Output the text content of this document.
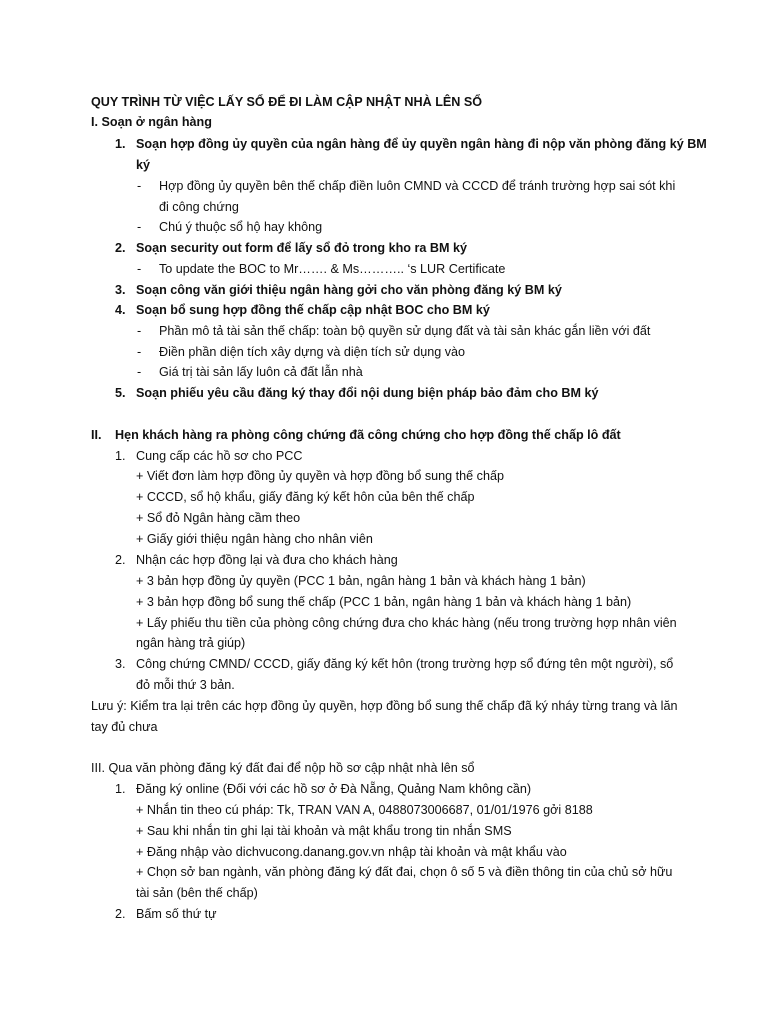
QUY TRÌNH TỪ VIỆC LẤY SỔ ĐỂ ĐI LÀM CẬP NHẬT NHÀ LÊN SỔ
I. Soạn ở ngân hàng
1. Soạn hợp đồng ủy quyền của ngân hàng để ủy quyền ngân hàng đi nộp văn phòng đăng ký BM
ký
- Hợp đồng ủy quyền bên thế chấp điền luôn CMND và CCCD để tránh trường hợp sai sót khi
đi công chứng
- Chú ý thuộc sổ hộ hay không
2. Soạn security out form để lấy sổ đỏ trong kho ra BM ký
- To update the BOC to Mr……. & Ms……….. ‘s LUR Certificate
3. Soạn công văn giới thiệu ngân hàng gởi cho văn phòng đăng ký BM ký
4. Soạn bổ sung hợp đồng thế chấp cập nhật BOC cho BM ký
- Phần mô tả tài sản thế chấp: toàn bộ quyền sử dụng đất và tài sản khác gắn liền với đất
- Điền phần diện tích xây dựng và diện tích sử dụng vào
- Giá trị tài sản lấy luôn cả đất lẫn nhà
5. Soạn phiếu yêu cầu đăng ký thay đổi nội dung biện pháp bảo đảm cho BM ký
II. Hẹn khách hàng ra phòng công chứng đã công chứng cho hợp đồng thế chấp lô đất
1. Cung cấp các hồ sơ cho PCC
+ Viết đơn làm hợp đồng ủy quyền và hợp đồng bổ sung thế chấp
+ CCCD, sổ hộ khẩu, giấy đăng ký kết hôn của bên thế chấp
+ Sổ đỏ Ngân hàng cầm theo
+ Giấy giới thiệu ngân hàng cho nhân viên
2. Nhận các hợp đồng lại và đưa cho khách hàng
+ 3 bản hợp đồng ủy quyền (PCC 1 bản, ngân hàng 1 bản và khách hàng 1 bản)
+ 3 bản hợp đồng bổ sung thế chấp (PCC 1 bản, ngân hàng 1 bản và khách hàng 1 bản)
+ Lấy phiếu thu tiền của phòng công chứng đưa cho khác hàng (nếu trong trường hợp nhân viên
ngân hàng trả giúp)
3. Công chứng CMND/ CCCD, giấy đăng ký kết hôn (trong trường hợp sổ đứng tên một người), sổ
đỏ mỗi thứ 3 bản.
Lưu ý: Kiểm tra lại trên các hợp đồng ủy quyền, hợp đồng bổ sung thế chấp đã ký nháy từng trang và lăn
tay đủ chưa
III. Qua văn phòng đăng ký đất đai để nộp hồ sơ cập nhật nhà lên sổ
1. Đăng ký online (Đối với các hồ sơ ở Đà Nẵng, Quảng Nam không cần)
+ Nhắn tin theo cú pháp: Tk, TRAN VAN A, 0488073006687, 01/01/1976 gởi 8188
+ Sau khi nhắn tin ghi lại tài khoản và mật khẩu trong tin nhắn SMS
+ Đăng nhập vào dichvucong.danang.gov.vn nhập tài khoản và mật khẩu vào
+ Chọn sở ban ngành, văn phòng đăng ký đất đai, chọn ô số 5 và điền thông tin của chủ sở hữu
tài sản (bên thế chấp)
2. Bấm số thứ tự
